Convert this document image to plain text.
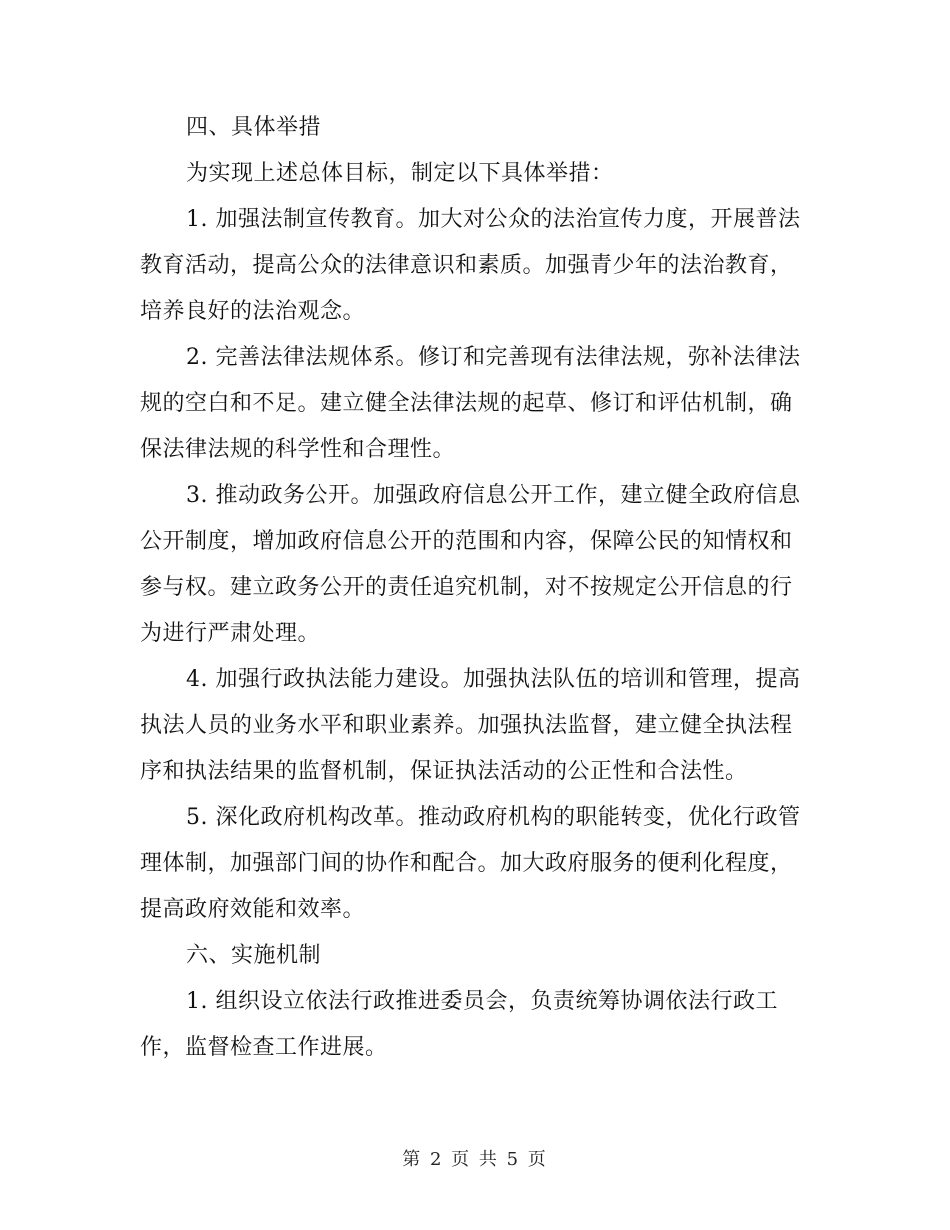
四、具体举措

为实现上述总体目标，制定以下具体举措：

1. 加强法制宣传教育。加大对公众的法治宣传力度，开展普法教育活动，提高公众的法律意识和素质。加强青少年的法治教育，培养良好的法治观念。

2. 完善法律法规体系。修订和完善现有法律法规，弥补法律法规的空白和不足。建立健全法律法规的起草、修订和评估机制，确保法律法规的科学性和合理性。

3. 推动政务公开。加强政府信息公开工作，建立健全政府信息公开制度，增加政府信息公开的范围和内容，保障公民的知情权和参与权。建立政务公开的责任追究机制，对不按规定公开信息的行为进行严肃处理。

4. 加强行政执法能力建设。加强执法队伍的培训和管理，提高执法人员的业务水平和职业素养。加强执法监督，建立健全执法程序和执法结果的监督机制，保证执法活动的公正性和合法性。

5. 深化政府机构改革。推动政府机构的职能转变，优化行政管理体制，加强部门间的协作和配合。加大政府服务的便利化程度，提高政府效能和效率。

六、实施机制

1. 组织设立依法行政推进委员会，负责统筹协调依法行政工作，监督检查工作进展。

第 2 页 共 5 页
